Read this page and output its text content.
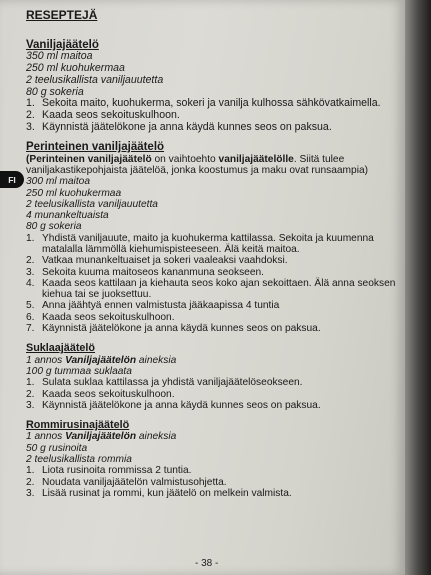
FI
RESEPTEJÄ
Vaniljajäätelö
350 ml maitoa
250 ml kuohukermaa
2 teelusikallista vaniljauutetta
80 g sokeria
1. Sekoita maito, kuohukerma, sokeri ja vanilja kulhossa sähkövatkaimella.
2. Kaada seos sekoituskulhoon.
3. Käynnistä jäätelökone ja anna käydä kunnes seos on paksua.
Perinteinen vaniljajäätelö
(Perinteinen vaniljajäätelö on vaihtoehto vaniljajäätelölle. Siitä tulee vaniljakastikepohjaista jäätelöä, jonka koostumus ja maku ovat runsaampia)
300 ml maitoa
250 ml kuohukermaa
2 teelusikallista vaniljauutetta
4 munankeltuaista
80 g sokeria
1. Yhdistä vaniljauute, maito ja kuohukerma kattilassa. Sekoita ja kuumenna matalalla lämmöllä kiehumispisteeseen. Älä keitä maitoa.
2. Vatkaa munankeltuaiset ja sokeri vaaleaksi vaahdoksi.
3. Sekoita kuuma maitoseos kananmuna seokseen.
4. Kaada seos kattilaan ja kiehauta seos koko ajan sekoittaen. Älä anna seoksen kiehua tai se juoksettuu.
5. Anna jäähtyä ennen valmistusta jääkaapissa 4 tuntia
6. Kaada seos sekoituskulhoon.
7. Käynnistä jäätelökone ja anna käydä kunnes seos on paksua.
Suklaajäätelö
1 annos Vaniljajäätelön aineksia
100 g tummaa suklaata
1. Sulata suklaa kattilassa ja yhdistä vaniljajäätelöseokseen.
2. Kaada seos sekoituskulhoon.
3. Käynnistä jäätelökone ja anna käydä kunnes seos on paksua.
Rommirusinajäätelö
1 annos Vaniljajäätelön aineksia
50 g rusinoita
2 teelusikallista rommia
1. Liota rusinoita rommissa 2 tuntia.
2. Noudata vaniljajäätelön valmistusohjetta.
3. Lisää rusinat ja rommi, kun jäätelö on melkein valmista.
- 38 -
